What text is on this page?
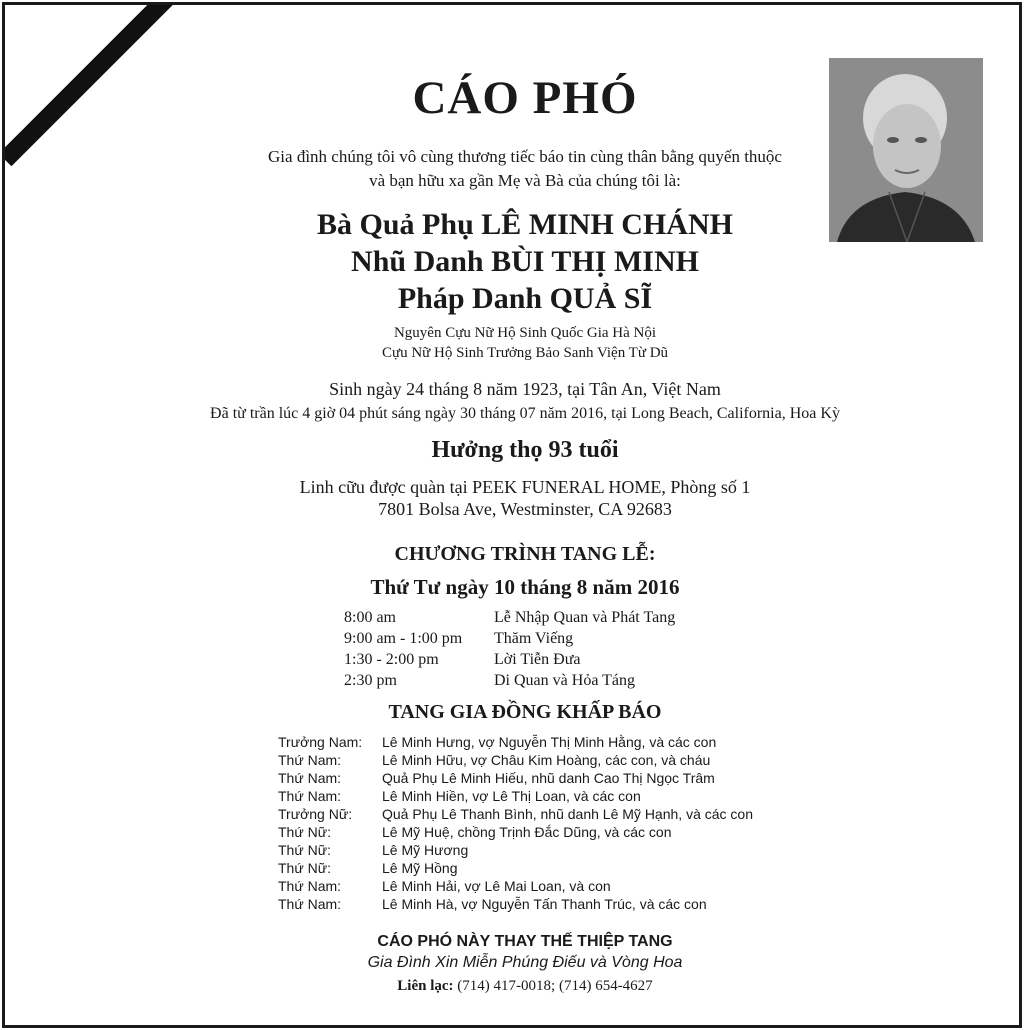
CÁO PHÓ
Gia đình chúng tôi vô cùng thương tiếc báo tin cùng thân bằng quyến thuộc
và bạn hữu xa gần Mẹ và Bà của chúng tôi là:
Bà Quả Phụ LÊ MINH CHÁNH
Nhũ Danh BÙI THỊ MINH
Pháp Danh QUẢ SĨ
Nguyên Cựu Nữ Hộ Sinh Quốc Gia Hà Nội
Cựu Nữ Hộ Sinh Trưởng Bảo Sanh Viện Từ Dũ
Sinh ngày 24 tháng 8 năm 1923, tại Tân An, Việt Nam
Đã từ trần lúc 4 giờ 04 phút sáng ngày 30 tháng 07 năm 2016, tại Long Beach, California, Hoa Kỳ
Hưởng thọ 93 tuổi
Linh cữu được quàn tại PEEK FUNERAL HOME, Phòng số 1
7801 Bolsa Ave, Westminster, CA 92683
CHƯƠNG TRÌNH TANG LỄ:
Thứ Tư ngày 10 tháng 8 năm 2016
8:00 am	Lễ Nhập Quan và Phát Tang
9:00 am - 1:00 pm Thăm Viếng
1:30 - 2:00 pm	Lời Tiễn Đưa
2:30 pm	Di Quan và Hỏa Táng
TANG GIA ĐỒNG KHẤP BÁO
Trưởng Nam: Lê Minh Hưng, vợ Nguyễn Thị Minh Hằng, và các con
Thứ Nam:	Lê Minh Hữu, vợ Châu Kim Hoàng, các con, và cháu
Thứ Nam:	Quả Phụ Lê Minh Hiếu, nhũ danh Cao Thị Ngọc Trâm
Thứ Nam:	Lê Minh Hiền, vợ Lê Thị Loan, và các con
Trưởng Nữ: Quả Phụ Lê Thanh Bình, nhũ danh Lê Mỹ Hạnh, và các con
Thứ Nữ:	Lê Mỹ Huệ, chồng Trịnh Đắc Dũng, và các con
Thứ Nữ:	Lê Mỹ Hương
Thứ Nữ:	Lê Mỹ Hồng
Thứ Nam:	Lê Minh Hải, vợ Lê Mai Loan, và con
Thứ Nam:	Lê Minh Hà, vợ Nguyễn Tấn Thanh Trúc, và các con
CÁO PHÓ NÀY THAY THẾ THIỆP TANG
Gia Đình Xin Miễn Phúng Điếu và Vòng Hoa
Liên lạc: (714) 417-0018; (714) 654-4627
